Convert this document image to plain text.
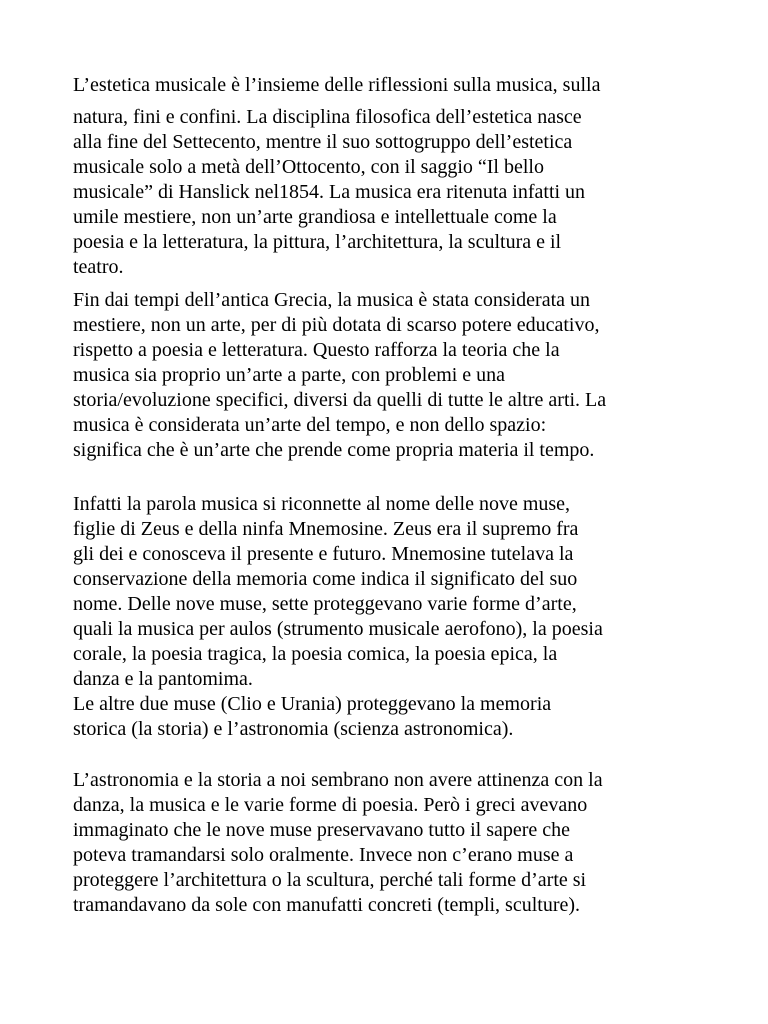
L’estetica musicale è l’insieme delle riflessioni sulla musica, sulla
natura, fini e confini. La disciplina filosofica dell’estetica nasce
alla fine del Settecento, mentre il suo sottogruppo dell’estetica
musicale solo a metà dell’Ottocento, con il saggio “Il bello
musicale” di Hanslick nel1854. La musica era ritenuta infatti un
umile mestiere, non un’arte grandiosa e intellettuale come la
poesia e la letteratura, la pittura, l’architettura, la scultura e il
teatro.
Fin dai tempi dell’antica Grecia, la musica è stata considerata un
mestiere, non un arte, per di più dotata di scarso potere educativo,
rispetto a poesia e letteratura. Questo rafforza la teoria che la
musica sia proprio un’arte a parte, con problemi e una
storia/evoluzione specifici, diversi da quelli di tutte le altre arti. La
musica è considerata un’arte del tempo, e non dello spazio:
significa che è un’arte che prende come propria materia il tempo.
Infatti la parola musica si riconnette al nome delle nove muse,
figlie di Zeus e della ninfa Mnemosine. Zeus era il supremo fra
gli dei e conosceva il presente e futuro. Mnemosine tutelava la
conservazione della memoria come indica il significato del suo
nome. Delle nove muse, sette proteggevano varie forme d’arte,
quali la musica per aulos (strumento musicale aerofono), la poesia
corale, la poesia tragica, la poesia comica, la poesia epica, la
danza e la pantomima.
Le altre due muse (Clio e Urania) proteggevano la memoria
storica (la storia) e l’astronomia (scienza astronomica).
L’astronomia e la storia a noi sembrano non avere attinenza con la
danza, la musica e le varie forme di poesia. Però i greci avevano
immaginato che le nove muse preservavano tutto il sapere che
poteva tramandarsi solo oralmente. Invece non c’erano muse a
proteggere l’architettura o la scultura, perché tali forme d’arte si
tramandavano da sole con manufatti concreti (templi, sculture).
